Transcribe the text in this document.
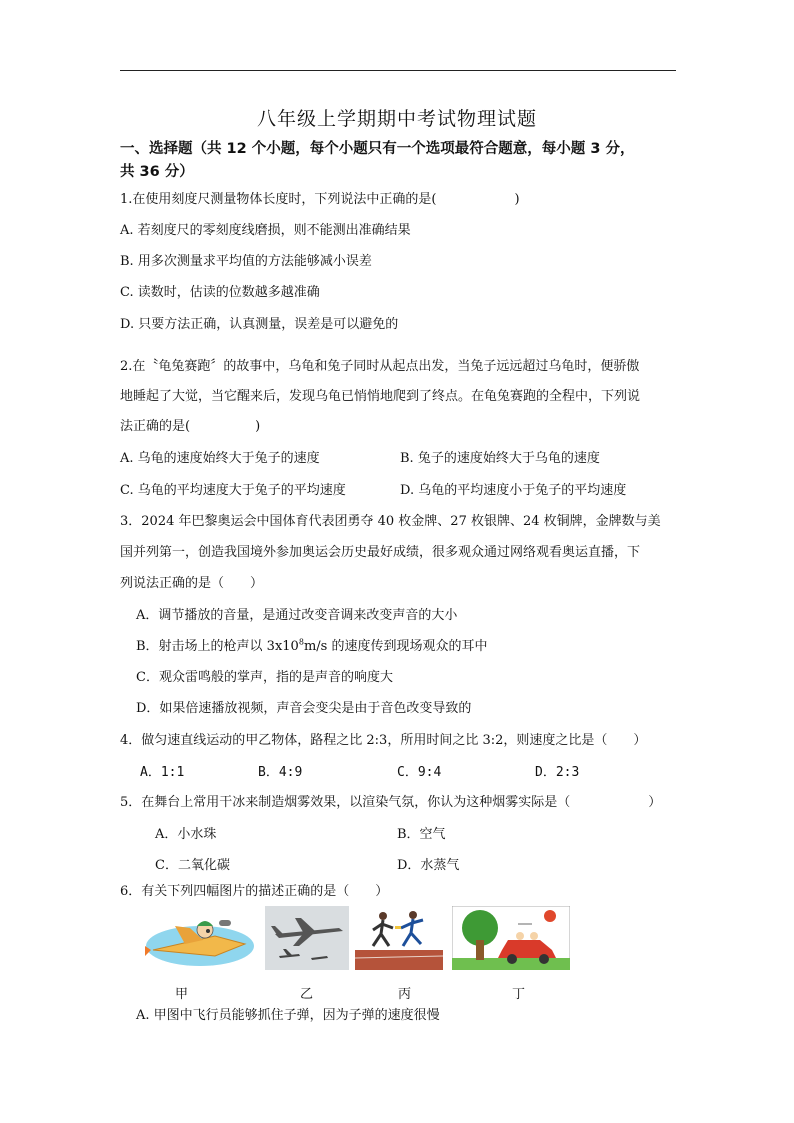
八年级上学期期中考试物理试题
一、选择题（共 12 个小题，每个小题只有一个选项最符合题意，每小题 3 分，
共 36 分）
1.在使用刻度尺测量物体长度时，下列说法中正确的是(　　　　　　)
A. 若刻度尺的零刻度线磨损，则不能测出准确结果
B. 用多次测量求平均值的方法能够减小误差
C. 读数时，估读的位数越多越准确
D. 只要方法正确，认真测量，误差是可以避免的
2.在〝龟兔赛跑〞的故事中，乌龟和兔子同时从起点出发，当兔子远远超过乌龟时，便骄傲
地睡起了大觉，当它醒来后，发现乌龟已悄悄地爬到了终点。在龟兔赛跑的全程中，下列说
法正确的是(　　　　　)
A. 乌龟的速度始终大于兔子的速度	B. 兔子的速度始终大于乌龟的速度
C. 乌龟的平均速度大于兔子的平均速度	D. 乌龟的平均速度小于兔子的平均速度
3．2024 年巴黎奥运会中国体育代表团勇夺 40 枚金牌、27 枚银牌、24 枚铜牌，金牌数与美
国并列第一，创造我国境外参加奥运会历史最好成绩，很多观众通过网络观看奥运直播，下
列说法正确的是（　　）
A．调节播放的音量，是通过改变音调来改变声音的大小
B．射击场上的枪声以 $3x10^8m/s$ 的速度传到现场观众的耳中
C．观众雷鸣般的掌声，指的是声音的响度大
D．如果倍速播放视频，声音会变尖是由于音色改变导致的
4．做匀速直线运动的甲乙物体，路程之比 2:3，所用时间之比 3:2，则速度之比是（　　）
A．1:1	B．4:9	C．9:4	D．2:3
5．在舞台上常用干冰来制造烟雾效果，以渲染气氛，你认为这种烟雾实际是（　　　　　　）
A．小水珠	B．空气
C．二氧化碳	D．水蒸气
6．有关下列四幅图片的描述正确的是（　　）
甲	乙	丙	丁
A. 甲图中飞行员能够抓住子弹，因为子弹的速度很慢
